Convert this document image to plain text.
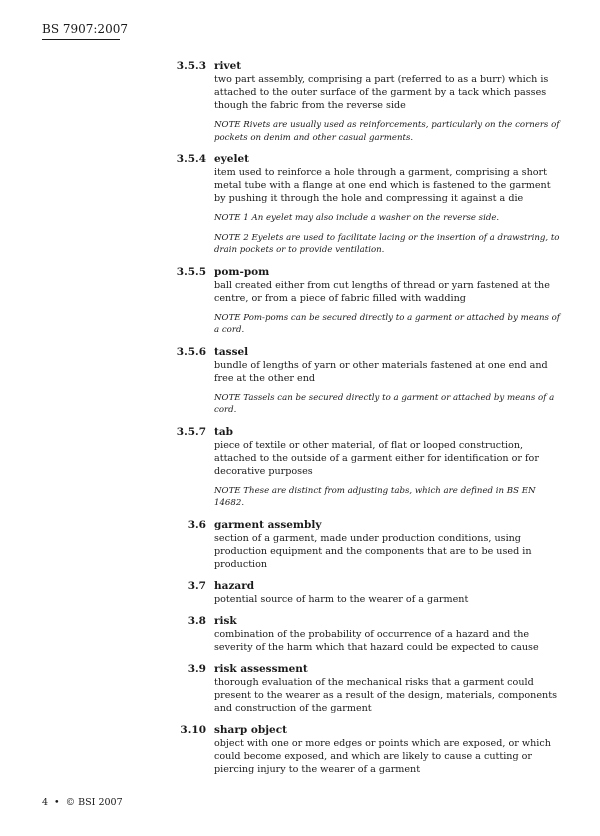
BS 7907:2007
3.5.3 rivet

two part assembly, comprising a part (referred to as a burr) which is attached to the outer surface of the garment by a tack which passes though the fabric from the reverse side

NOTE Rivets are usually used as reinforcements, particularly on the corners of pockets on denim and other casual garments.

3.5.4 eyelet

item used to reinforce a hole through a garment, comprising a short metal tube with a flange at one end which is fastened to the garment by pushing it through the hole and compressing it against a die

NOTE 1 An eyelet may also include a washer on the reverse side.

NOTE 2 Eyelets are used to facilitate lacing or the insertion of a drawstring, to drain pockets or to provide ventilation.

3.5.5 pom-pom

ball created either from cut lengths of thread or yarn fastened at the centre, or from a piece of fabric filled with wadding

NOTE Pom-poms can be secured directly to a garment or attached by means of a cord.

3.5.6 tassel

bundle of lengths of yarn or other materials fastened at one end and free at the other end

NOTE Tassels can be secured directly to a garment or attached by means of a cord.

3.5.7 tab

piece of textile or other material, of flat or looped construction, attached to the outside of a garment either for identification or for decorative purposes

NOTE These are distinct from adjusting tabs, which are defined in BS EN 14682.

3.6 garment assembly

section of a garment, made under production conditions, using production equipment and the components that are to be used in production

3.7 hazard

potential source of harm to the wearer of a garment

3.8 risk

combination of the probability of occurrence of a hazard and the severity of the harm which that hazard could be expected to cause

3.9 risk assessment

thorough evaluation of the mechanical risks that a garment could present to the wearer as a result of the design, materials, components and construction of the garment

3.10 sharp object

object with one or more edges or points which are exposed, or which could become exposed, and which are likely to cause a cutting or piercing injury to the wearer of a garment

4 • © BSI 2007
